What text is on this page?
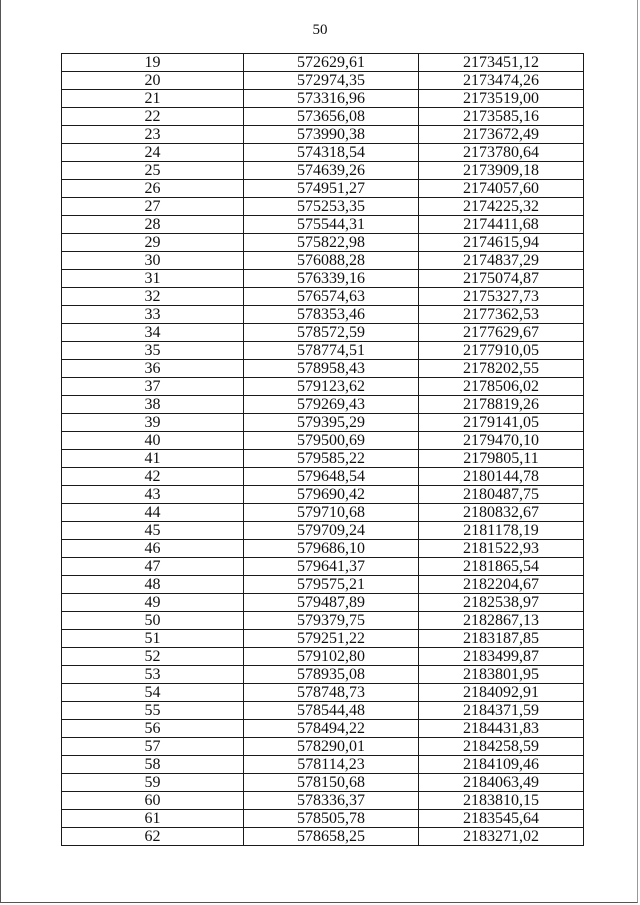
50
19	572629,61	2173451,12
20	572974,35	2173474,26
21	573316,96	2173519,00
22	573656,08	2173585,16
23	573990,38	2173672,49
24	574318,54	2173780,64
25	574639,26	2173909,18
26	574951,27	2174057,60
27	575253,35	2174225,32
28	575544,31	2174411,68
29	575822,98	2174615,94
30	576088,28	2174837,29
31	576339,16	2175074,87
32	576574,63	2175327,73
33	578353,46	2177362,53
34	578572,59	2177629,67
35	578774,51	2177910,05
36	578958,43	2178202,55
37	579123,62	2178506,02
38	579269,43	2178819,26
39	579395,29	2179141,05
40	579500,69	2179470,10
41	579585,22	2179805,11
42	579648,54	2180144,78
43	579690,42	2180487,75
44	579710,68	2180832,67
45	579709,24	2181178,19
46	579686,10	2181522,93
47	579641,37	2181865,54
48	579575,21	2182204,67
49	579487,89	2182538,97
50	579379,75	2182867,13
51	579251,22	2183187,85
52	579102,80	2183499,87
53	578935,08	2183801,95
54	578748,73	2184092,91
55	578544,48	2184371,59
56	578494,22	2184431,83
57	578290,01	2184258,59
58	578114,23	2184109,46
59	578150,68	2184063,49
60	578336,37	2183810,15
61	578505,78	2183545,64
62	578658,25	2183271,02
